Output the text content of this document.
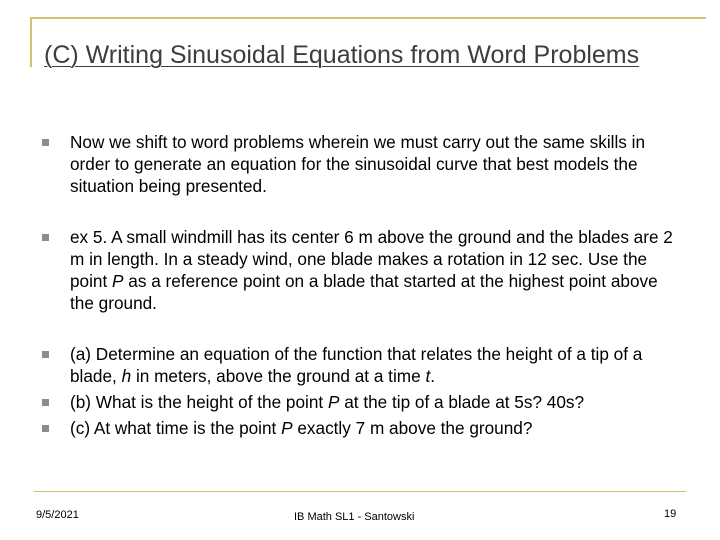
(C) Writing Sinusoidal Equations from Word Problems
Now we shift to word problems wherein we must carry out the same skills in order to generate an equation for the sinusoidal curve that best models the situation being presented.
ex 5. A small windmill has its center 6 m above the ground and the blades are 2 m in length. In a steady wind, one blade makes a rotation in 12 sec. Use the point P as a reference point on a blade that started at the highest point above the ground.
(a) Determine an equation of the function that relates the height of a tip of a blade, h in meters, above the ground at a time t.
(b) What is the height of the point P at the tip of a blade at 5s? 40s?
(c) At what time is the point P exactly 7 m above the ground?
9/5/2021	IB Math SL1 - Santowski	19
